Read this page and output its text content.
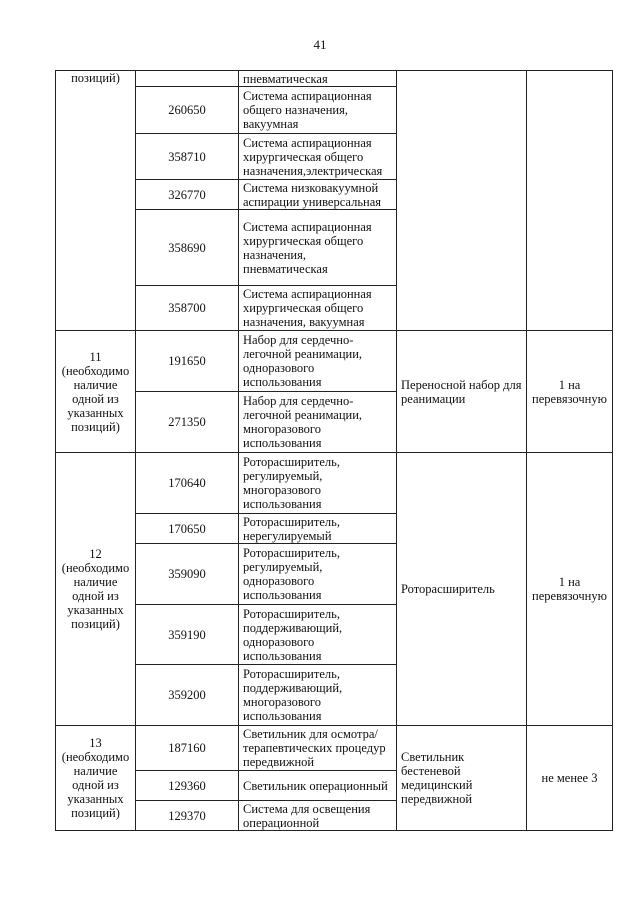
41
позиций)		пневматическая		
	260650	Система аспирационная общего назначения, вакуумная		
	358710	Система аспирационная хирургическая общего назначения,электрическая		
	326770	Система низковакуумной аспирации универсальная		
	358690	Система аспирационная хирургическая общего назначения, пневматическая		
	358700	Система аспирационная хирургическая общего назначения, вакуумная		
11 (необходимо наличие одной из указанных позиций)	191650	Набор для сердечно-легочной реанимации, одноразового использования	Переносной набор для реанимации	1 на перевязочную
	271350	Набор для сердечно-легочной реанимации, многоразового использования		
12 (необходимо наличие одной из указанных позиций)	170640	Роторасширитель, регулируемый, многоразового использования	Роторасширитель	1 на перевязочную
	170650	Роторасширитель, нерегулируемый		
	359090	Роторасширитель, регулируемый, одноразового использования		
	359190	Роторасширитель, поддерживающий, одноразового использования		
	359200	Роторасширитель, поддерживающий, многоразового использования		
13 (необходимо наличие одной из указанных позиций)	187160	Светильник для осмотра/ терапевтических процедур передвижной	Светильник бестеневой медицинский передвижной	не менее 3
	129360	Светильник операционный		
	129370	Система для освещения операционной		
